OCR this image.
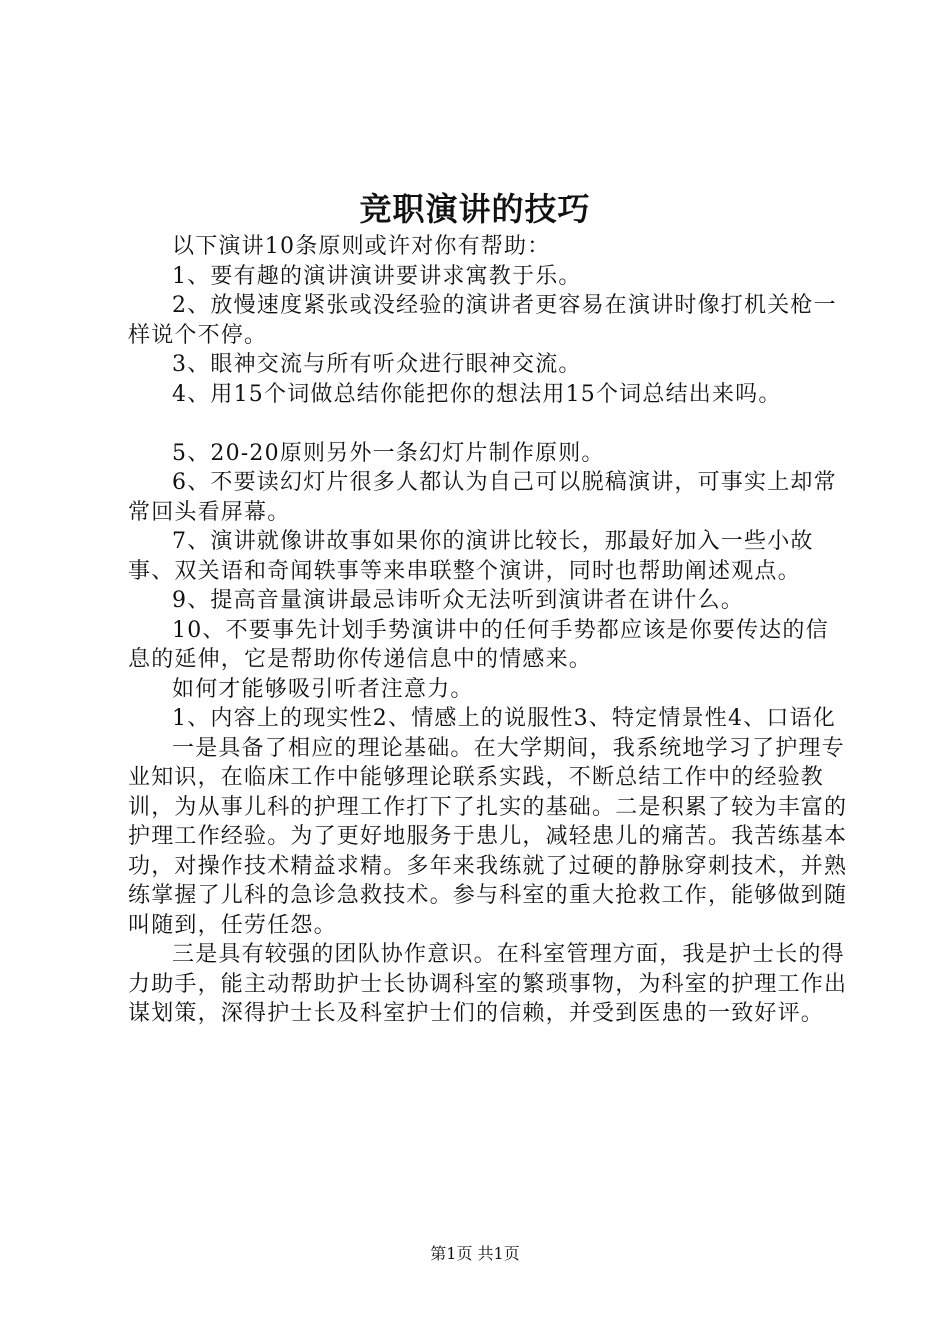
竞职演讲的技巧

以下演讲10条原则或许对你有帮助：

1、要有趣的演讲演讲要讲求寓教于乐。

2、放慢速度紧张或没经验的演讲者更容易在演讲时像打机关枪一样说个不停。

3、眼神交流与所有听众进行眼神交流。

4、用15个词做总结你能把你的想法用15个词总结出来吗。

5、20-20原则另外一条幻灯片制作原则。

6、不要读幻灯片很多人都认为自己可以脱稿演讲，可事实上却常常回头看屏幕。

7、演讲就像讲故事如果你的演讲比较长，那最好加入一些小故事、双关语和奇闻轶事等来串联整个演讲，同时也帮助阐述观点。

9、提高音量演讲最忌讳听众无法听到演讲者在讲什么。

10、不要事先计划手势演讲中的任何手势都应该是你要传达的信息的延伸，它是帮助你传递信息中的情感来。

如何才能够吸引听者注意力。

1、内容上的现实性2、情感上的说服性3、特定情景性4、口语化

一是具备了相应的理论基础。在大学期间，我系统地学习了护理专业知识，在临床工作中能够理论联系实践，不断总结工作中的经验教训，为从事儿科的护理工作打下了扎实的基础。二是积累了较为丰富的护理工作经验。为了更好地服务于患儿，减轻患儿的痛苦。我苦练基本功，对操作技术精益求精。多年来我练就了过硬的静脉穿刺技术，并熟练掌握了儿科的急诊急救技术。参与科室的重大抢救工作，能够做到随叫随到，任劳任怨。

三是具有较强的团队协作意识。在科室管理方面，我是护士长的得力助手，能主动帮助护士长协调科室的繁琐事物，为科室的护理工作出谋划策，深得护士长及科室护士们的信赖，并受到医患的一致好评。

第1页 共1页
